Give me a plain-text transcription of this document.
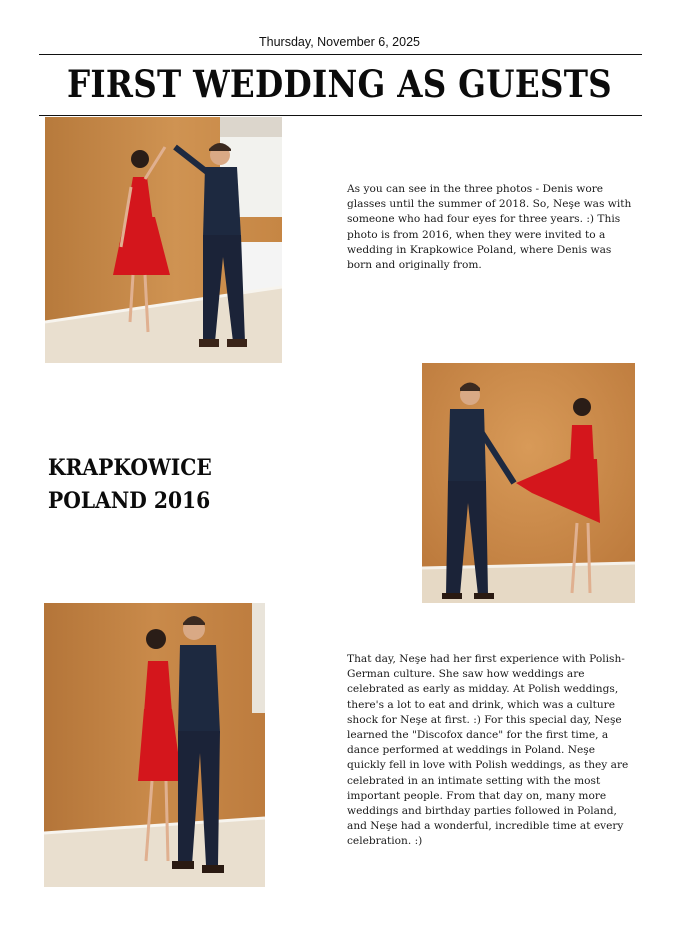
Thursday, November 6, 2025
FIRST WEDDING AS GUESTS
As you can see in the three photos - Denis wore glasses until the summer of 2018. So, Neşe was with someone who had four eyes for three years. :) This photo is from 2016, when they were invited to a wedding in Krapkowice Poland, where Denis was born and originally from.
KRAPKOWICE
POLAND 2016
That day, Neşe had her first experience with Polish-German culture. She saw how weddings are celebrated as early as midday. At Polish weddings, there's a lot to eat and drink, which was a culture shock for Neşe at first. :) For this special day, Neşe learned the "Discofox dance" for the first time, a dance performed at weddings in Poland. Neşe quickly fell in love with Polish weddings, as they are celebrated in an intimate setting with the most important people. From that day on, many more weddings and birthday parties followed in Poland, and Neşe had a wonderful, incredible time at every celebration. :)
